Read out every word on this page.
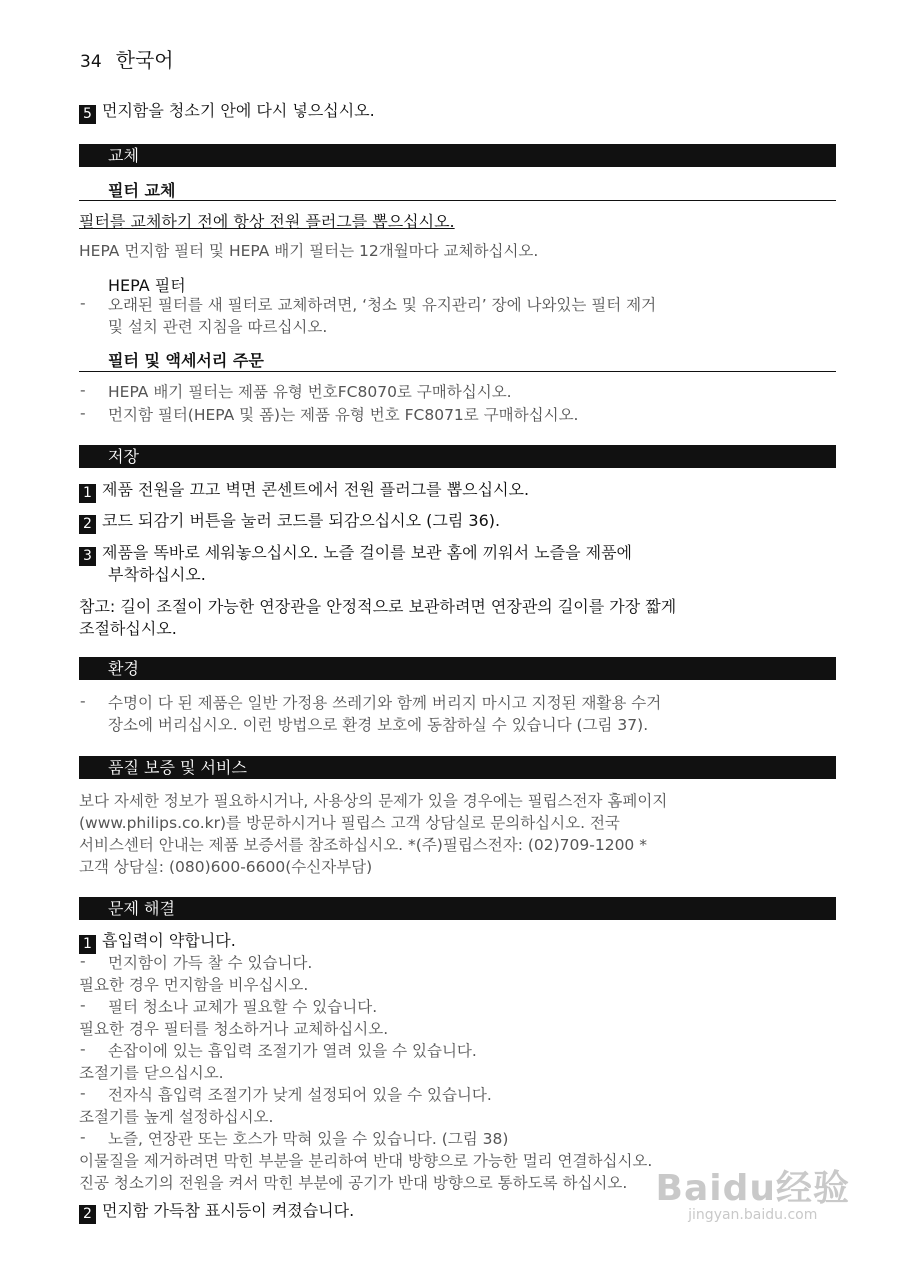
34 한국어
5 먼지함을 청소기 안에 다시 넣으십시오.
교체
필터 교체
필터를 교체하기 전에 항상 전원 플러그를 뽑으십시오.
HEPA 먼지함 필터 및 HEPA 배기 필터는 12개월마다 교체하십시오.
HEPA 필터
- 오래된 필터를 새 필터로 교체하려면, ‘청소 및 유지관리’ 장에 나와있는 필터 제거
및 설치 관련 지침을 따르십시오.
필터 및 액세서리 주문
- HEPA 배기 필터는 제품 유형 번호FC8070로 구매하십시오.
- 먼지함 필터(HEPA 및 폼)는 제품 유형 번호 FC8071로 구매하십시오.
저장
1 제품 전원을 끄고 벽면 콘센트에서 전원 플러그를 뽑으십시오.
2 코드 되감기 버튼을 눌러 코드를 되감으십시오 (그림 36).
3 제품을 똑바로 세워놓으십시오. 노즐 걸이를 보관 홈에 끼워서 노즐을 제품에
부착하십시오.
참고: 길이 조절이 가능한 연장관을 안정적으로 보관하려면 연장관의 길이를 가장 짧게
조절하십시오.
환경
- 수명이 다 된 제품은 일반 가정용 쓰레기와 함께 버리지 마시고 지정된 재활용 수거
장소에 버리십시오. 이런 방법으로 환경 보호에 동참하실 수 있습니다 (그림 37).
품질 보증 및 서비스
보다 자세한 정보가 필요하시거나, 사용상의 문제가 있을 경우에는 필립스전자 홈페이지
(www.philips.co.kr)를 방문하시거나 필립스 고객 상담실로 문의하십시오. 전국
서비스센터 안내는 제품 보증서를 참조하십시오. *(주)필립스전자: (02)709-1200 *
고객 상담실: (080)600-6600(수신자부담)
문제 해결
1 흡입력이 약합니다.
- 먼지함이 가득 찰 수 있습니다.
필요한 경우 먼지함을 비우십시오.
- 필터 청소나 교체가 필요할 수 있습니다.
필요한 경우 필터를 청소하거나 교체하십시오.
- 손잡이에 있는 흡입력 조절기가 열려 있을 수 있습니다.
조절기를 닫으십시오.
- 전자식 흡입력 조절기가 낮게 설정되어 있을 수 있습니다.
조절기를 높게 설정하십시오.
- 노즐, 연장관 또는 호스가 막혀 있을 수 있습니다. (그림 38)
이물질을 제거하려면 막힌 부분을 분리하여 반대 방향으로 가능한 멀리 연결하십시오.
진공 청소기의 전원을 켜서 막힌 부분에 공기가 반대 방향으로 통하도록 하십시오.
2 먼지함 가득참 표시등이 켜졌습니다.
Baidu经验
jingyan.baidu.com
